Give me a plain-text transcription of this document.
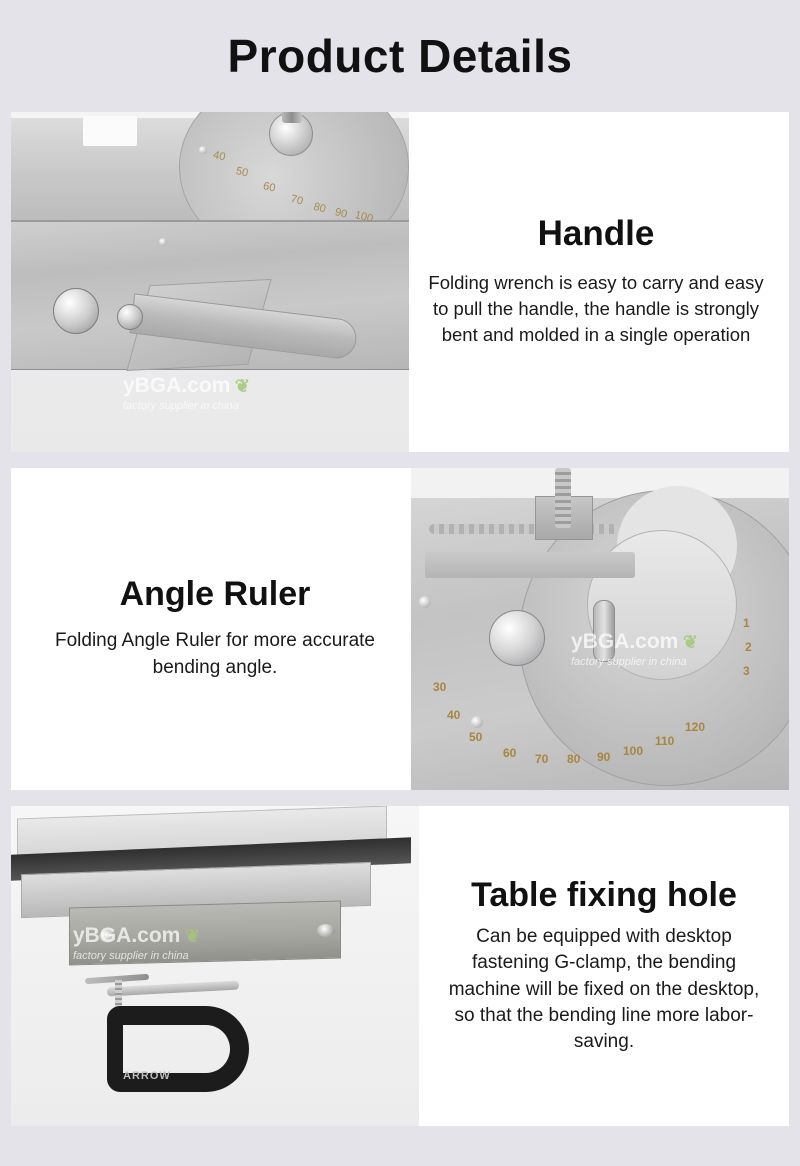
Product Details
40
50
60
70
80 90 100
yBGA.com ❦
factory supplier in china
Handle

Folding wrench is easy to carry and easy to pull the handle, the handle is strongly bent and molded in a single operation

30
40
50
60 70 80 90 100
110
120
1
2
3
yBGA.com ❦
factory supplier in china
Angle Ruler

Folding Angle Ruler for more accurate bending angle.

ARROW
yBGA.com ❦
factory supplier in china
Table fixing hole

Can be equipped with desktop fastening G-clamp, the bending machine will be fixed on the desktop, so that the bending line more labor-saving.
